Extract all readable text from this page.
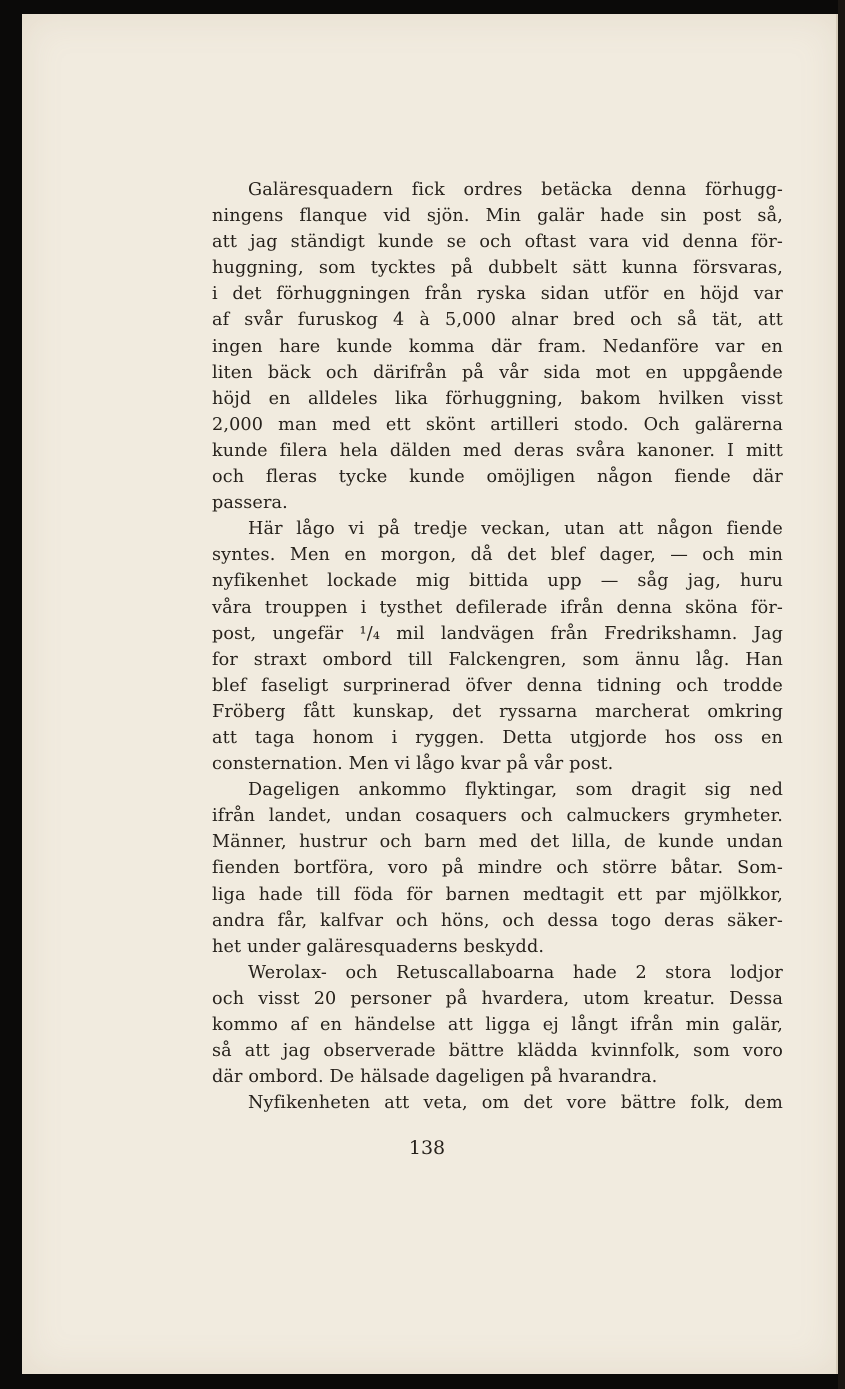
Galäresquadern fick ordres betäcka denna förhugg-
ningens flanque vid sjön. Min galär hade sin post så,
att jag ständigt kunde se och oftast vara vid denna för-
huggning, som tycktes på dubbelt sätt kunna försvaras,
i det förhuggningen från ryska sidan utför en höjd var
af svår furuskog 4 à 5,000 alnar bred och så tät, att
ingen hare kunde komma där fram. Nedanföre var en
liten bäck och därifrån på vår sida mot en uppgående
höjd en alldeles lika förhuggning, bakom hvilken visst
2,000 man med ett skönt artilleri stodo. Och galärerna
kunde filera hela dälden med deras svåra kanoner. I mitt
och fleras tycke kunde omöjligen någon fiende där
passera.
Här lågo vi på tredje veckan, utan att någon fiende
syntes. Men en morgon, då det blef dager, — och min
nyfikenhet lockade mig bittida upp — såg jag, huru
våra trouppen i tysthet defilerade ifrån denna sköna för-
post, ungefär ¹/₄ mil landvägen från Fredrikshamn. Jag
for straxt ombord till Falckengren, som ännu låg. Han
blef faseligt surprinerad öfver denna tidning och trodde
Fröberg fått kunskap, det ryssarna marcherat omkring
att taga honom i ryggen. Detta utgjorde hos oss en
consternation. Men vi lågo kvar på vår post.
Dageligen ankommo flyktingar, som dragit sig ned
ifrån landet, undan cosaquers och calmuckers grymheter.
Männer, hustrur och barn med det lilla, de kunde undan
fienden bortföra, voro på mindre och större båtar. Som-
liga hade till föda för barnen medtagit ett par mjölkkor,
andra får, kalfvar och höns, och dessa togo deras säker-
het under galäresquaderns beskydd.
Werolax- och Retuscallaboarna hade 2 stora lodjor
och visst 20 personer på hvardera, utom kreatur. Dessa
kommo af en händelse att ligga ej långt ifrån min galär,
så att jag observerade bättre klädda kvinnfolk, som voro
där ombord. De hälsade dageligen på hvarandra.
Nyfikenheten att veta, om det vore bättre folk, dem
138
